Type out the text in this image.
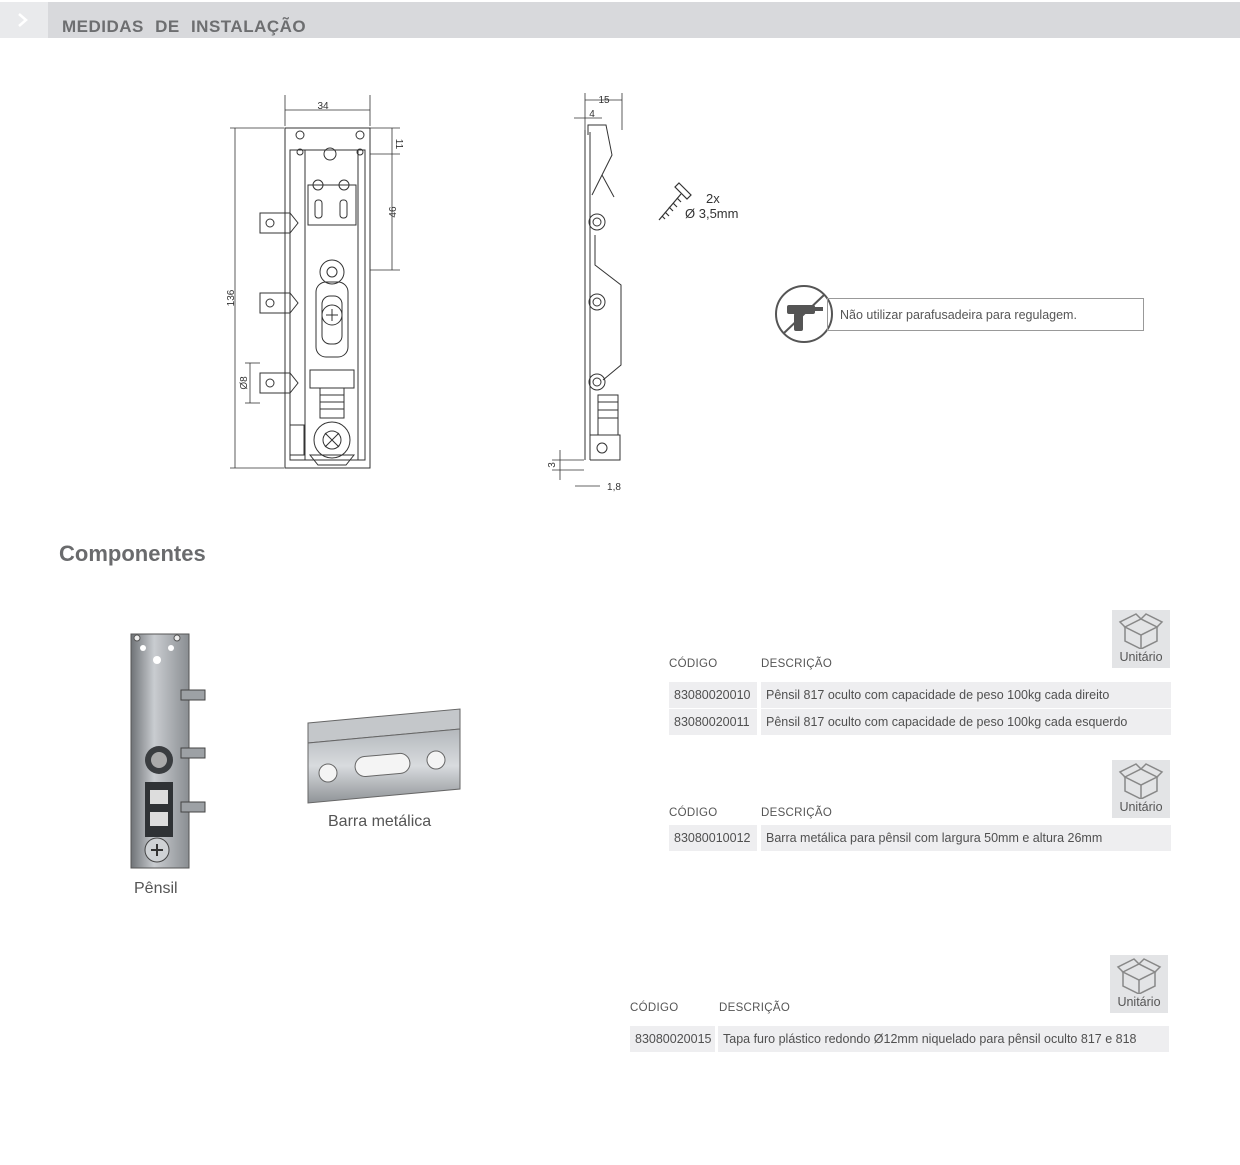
MEDIDAS DE INSTALAÇÃO
34
11
46
136
Ø8
15
4
3
1,8
2x
Ø 3,5mm
Não utilizar parafusadeira para regulagem.
Componentes
Pênsil
Barra metálica
Unitário
CÓDIGO	DESCRIÇÃO
83080020010	Pênsil 817 oculto com capacidade de peso 100kg cada direito
83080020011	Pênsil 817 oculto com capacidade de peso 100kg cada esquerdo
Unitário
CÓDIGO	DESCRIÇÃO
83080010012	Barra metálica para pênsil com largura 50mm e altura 26mm
Unitário
CÓDIGO	DESCRIÇÃO
83080020015 Tapa furo plástico redondo Ø12mm niquelado para pênsil oculto 817 e 818
